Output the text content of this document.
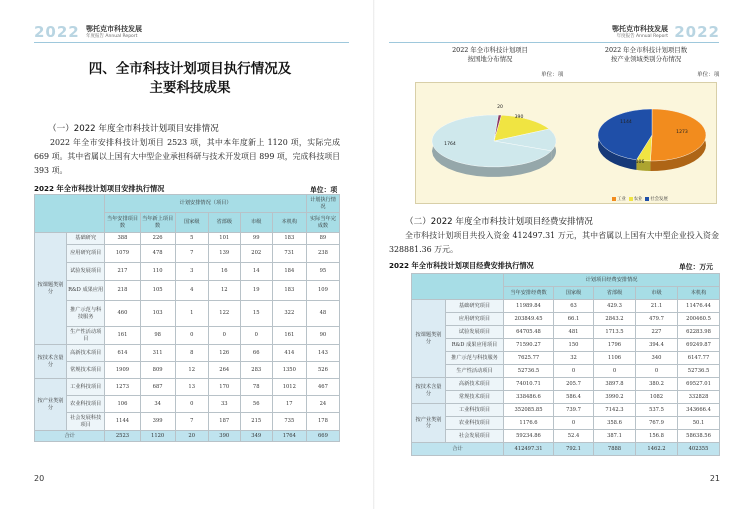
2022 鄂托克市科技发展
年度报告 Annual Report
四、全市科技计划项目执行情况及
主要科技成果
（一）2022 年度全市科技计划项目安排情况
2022 年全市安排科技计划项目 2523 项，其中本年度新上 1120 项，实际完成 669 项。其中省属以上国有大中型企业承担科研与技术开发项目 899 项，完成科技项目 393 项。
2022 年全市科技计划项目安排执行情况	单位：项
		计划安排情况（项目）						计划执行情况
		当年安排项目数	当年新上项目数	国家级	省部级	市级	本机构	实际当年完成数
按课题类别分	基础研究	388	226	5	101	99	183	89
	应用研究项目	1079	478	7	139	202	731	238
	试验发展项目	217	110	3	16	14	184	95
	R&D 成果应用	218	105	4	12	19	183	109
	推广示范与科技服务	460	103	1	122	15	322	48
	生产性活动项目	161	98	0	0	0	161	90
按技术含量分	高新技术项目	614	311	8	126	66	414	143
	常规技术项目	1909	809	12	264	283	1350	526
按产业类别分	工业科技项目	1273	687	13	170	78	1012	467
	农业科技项目	106	34	0	33	56	17	24
	社会发展科技项目	1144	399	7	187	215	735	178
合计		2523	1120	20	390	349	1764	669
20
2022
鄂托克市科技发展
年度报告 Annual Report
2022 年全市科技计划项目
按国地分布情况
单位：项
2022 年全市科技计划项目数
按产业领域类别分布情况
单位：项
20
390
1764
1273
106
1144
工业 农业 社会发展
（二）2022 年度全市科技计划项目经费安排情况
全市科技计划项目共投入资金 412497.31 万元，其中省属以上国有大中型企业投入资金 328881.36 万元。
2022 年全市科技计划项目经费安排执行情况	单位：万元
		计划项目经费安排情况				
		当年安排经费数	国家级	省部级	市级	本机构
按课题类别分	基础研究项目	11989.84	63	429.3	21.1	11476.44
	应用研究项目	203849.45	66.1	2843.2	479.7	200460.5
	试验发展项目	64705.48	481	1713.5	227	62283.98
	R&D 成果应用项目	71590.27	150	1796	394.4	69249.87
	推广示范与科技服务	7625.77	32	1106	340	6147.77
	生产性活动项目	52736.5	0	0	0	52736.5
按技术含量分	高新技术项目	74010.71	205.7	3897.8	380.2	69527.01
	常规技术项目	338486.6	586.4	3990.2	1082	332828
按产业类别分	工业科技项目	352085.85	739.7	7142.3	537.5	343666.4
	农业科技项目	1176.6	0	358.6	767.9	50.1
	社会发展项目	59234.86	52.4	387.1	156.8	58638.56
合计		412497.31	792.1	7888	1462.2	402355
21
